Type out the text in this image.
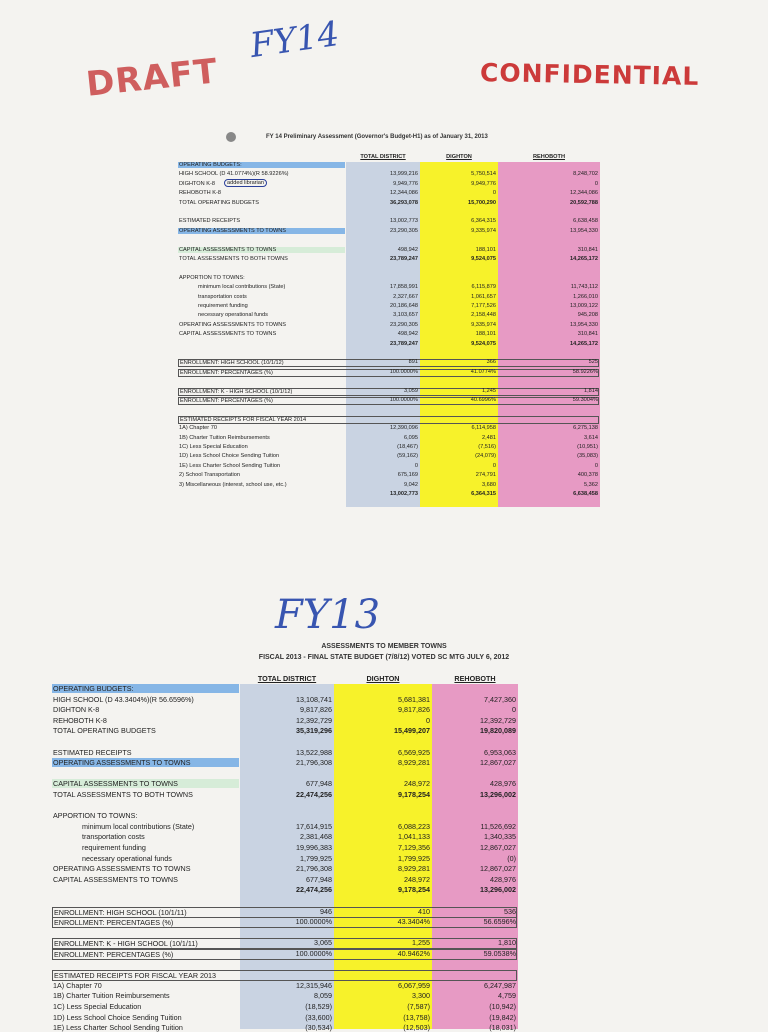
DRAFT	CONFIDENTIAL
FY14
FY13
FY 14 Preliminary Assessment (Governor's Budget-H1) as of January 31, 2013
TOTAL DISTRICT	DIGHTON	REHOBOTH
OPERATING BUDGETS:
HIGH SCHOOL (D 41.0774%)(R 58.9226%)	13,999,216	5,750,514	8,248,702
DIGHTON K-8	9,949,776	9,949,776	0
REHOBOTH K-8	12,344,086	0	12,344,086
TOTAL OPERATING BUDGETS	36,293,078	15,700,290	20,592,788
ESTIMATED RECEIPTS	13,002,773	6,364,315	6,638,458
OPERATING ASSESSMENTS TO TOWNS	23,290,305	9,335,974	13,954,330
CAPITAL ASSESSMENTS TO TOWNS	498,942	188,101	310,841
TOTAL ASSESSMENTS TO BOTH TOWNS	23,789,247	9,524,075	14,265,172
APPORTION TO TOWNS:
minimum local contributions (State)	17,858,991	6,115,879	11,743,112
transportation costs	2,327,667	1,061,657	1,266,010
requirement funding	20,186,648	7,177,526	13,009,122
necessary operational funds	3,103,657	2,158,448	945,208
OPERATING ASSESSMENTS TO TOWNS	23,290,305	9,335,974	13,954,330
CAPITAL ASSESSMENTS TO TOWNS	498,942	188,101	310,841
23,789,247	9,524,075	14,265,172
ENROLLMENT: HIGH SCHOOL (10/1/12)	891	366	525
ENROLLMENT: PERCENTAGES (%)	100.0000%	41.0774%	58.9226%
ENROLLMENT: K - HIGH SCHOOL (10/1/12)	3,059	1,245	1,814
ENROLLMENT: PERCENTAGES (%)	100.0000%	40.6996%	59.3004%
ESTIMATED RECEIPTS FOR FISCAL YEAR 2014
1A) Chapter 70	12,390,096	6,114,958	6,275,138
1B) Charter Tuition Reimbursements	6,095	2,481	3,614
1C) Less Special Education	(18,467)	(7,516)	(10,951)
1D) Less School Choice Sending Tuition	(59,162)	(24,079)	(35,083)
1E) Less Charter School Sending Tuition	0	0	0
2) School Transportation	675,169	274,791	400,378
3) Miscellaneous (interest, school use, etc.)	9,042	3,680	5,362
13,002,773	6,364,315	6,638,458
added librarian
ASSESSMENTS TO MEMBER TOWNS
FISCAL 2013 - FINAL STATE BUDGET (7/8/12) VOTED SC MTG JULY 6, 2012
TOTAL DISTRICT	DIGHTON	REHOBOTH
OPERATING BUDGETS:
HIGH SCHOOL (D 43.3404%)(R 56.6596%)	13,108,741	5,681,381	7,427,360
DIGHTON K-8	9,817,826	9,817,826	0
REHOBOTH K-8	12,392,729	0	12,392,729
TOTAL OPERATING BUDGETS	35,319,296	15,499,207	19,820,089
ESTIMATED RECEIPTS	13,522,988	6,569,925	6,953,063
OPERATING ASSESSMENTS TO TOWNS	21,796,308	8,929,281	12,867,027
CAPITAL ASSESSMENTS TO TOWNS	677,948	248,972	428,976
TOTAL ASSESSMENTS TO BOTH TOWNS	22,474,256	9,178,254	13,296,002
APPORTION TO TOWNS:
minimum local contributions (State)	17,614,915	6,088,223	11,526,692
transportation costs	2,381,468	1,041,133	1,340,335
requirement funding	19,996,383	7,129,356	12,867,027
necessary operational funds	1,799,925	1,799,925	(0)
OPERATING ASSESSMENTS TO TOWNS	21,796,308	8,929,281	12,867,027
CAPITAL ASSESSMENTS TO TOWNS	677,948	248,972	428,976
22,474,256	9,178,254	13,296,002
ENROLLMENT: HIGH SCHOOL (10/1/11)	946	410	536
ENROLLMENT: PERCENTAGES (%)	100.0000%	43.3404%	56.6596%
ENROLLMENT: K - HIGH SCHOOL (10/1/11)	3,065	1,255	1,810
ENROLLMENT: PERCENTAGES (%)	100.0000%	40.9462%	59.0538%
ESTIMATED RECEIPTS FOR FISCAL YEAR 2013
1A) Chapter 70	12,315,946	6,067,959	6,247,987
1B) Charter Tuition Reimbursements	8,059	3,300	4,759
1C) Less Special Education	(18,529)	(7,587)	(10,942)
1D) Less School Choice Sending Tuition	(33,600)	(13,758)	(19,842)
1E) Less Charter School Sending Tuition	(30,534)	(12,503)	(18,031)
